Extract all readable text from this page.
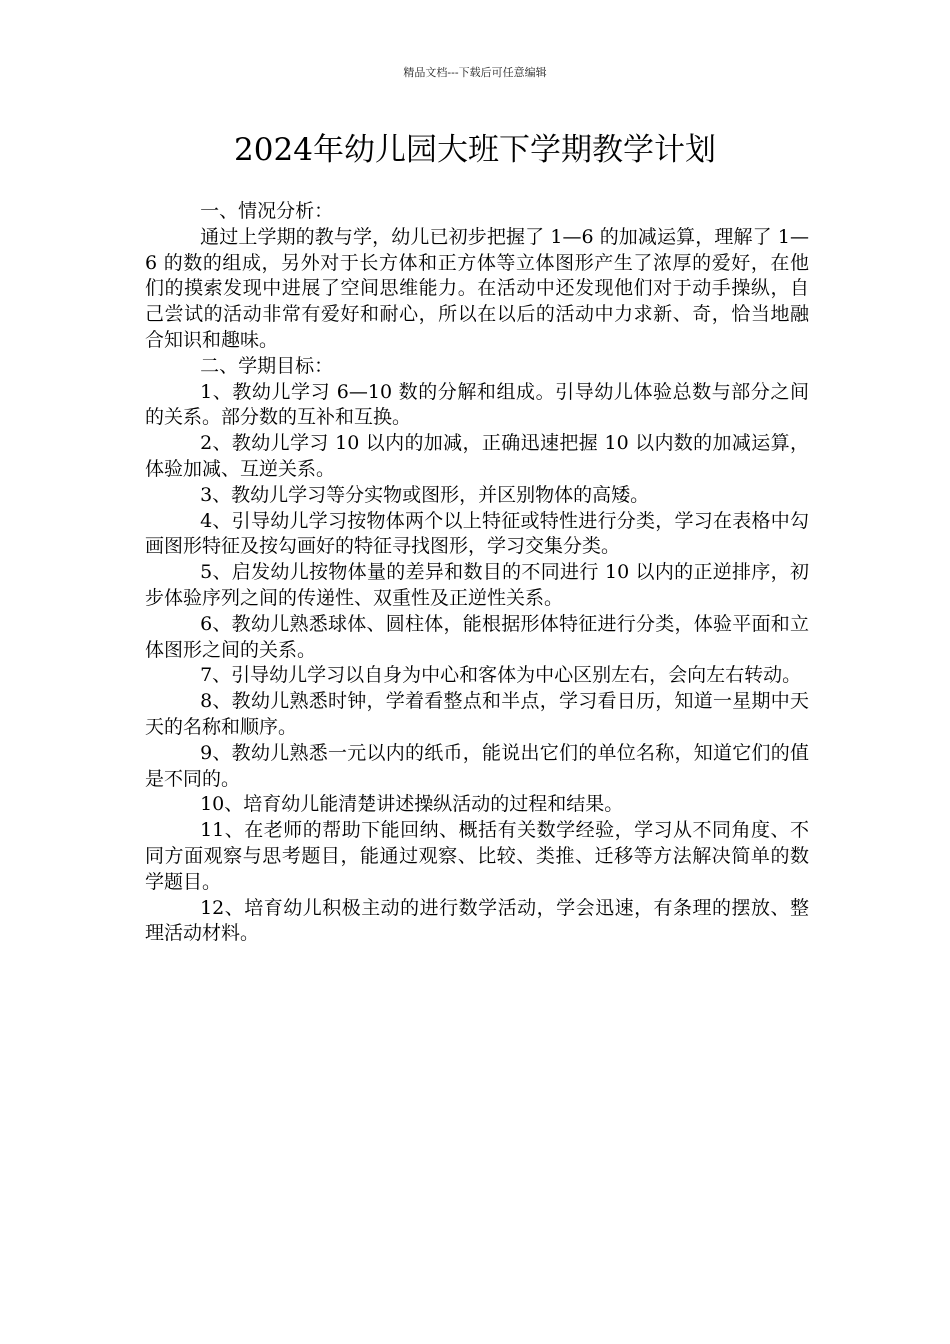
精品文档---下载后可任意编辑
2024年幼儿园大班下学期教学计划

一、情况分析：

通过上学期的教与学，幼儿已初步把握了 1—6 的加减运算，理解了 1—6 的数的组成，另外对于长方体和正方体等立体图形产生了浓厚的爱好，在他们的摸索发现中进展了空间思维能力。在活动中还发现他们对于动手操纵，自己尝试的活动非常有爱好和耐心，所以在以后的活动中力求新、奇，恰当地融合知识和趣味。

二、学期目标：

1、教幼儿学习 6—10 数的分解和组成。引导幼儿体验总数与部分之间的关系。部分数的互补和互换。

2、教幼儿学习 10 以内的加减，正确迅速把握 10 以内数的加减运算，体验加减、互逆关系。

3、教幼儿学习等分实物或图形，并区别物体的高矮。

4、引导幼儿学习按物体两个以上特征或特性进行分类，学习在表格中勾画图形特征及按勾画好的特征寻找图形，学习交集分类。

5、启发幼儿按物体量的差异和数目的不同进行 10 以内的正逆排序，初步体验序列之间的传递性、双重性及正逆性关系。

6、教幼儿熟悉球体、圆柱体，能根据形体特征进行分类，体验平面和立体图形之间的关系。

7、引导幼儿学习以自身为中心和客体为中心区别左右，会向左右转动。

8、教幼儿熟悉时钟，学着看整点和半点，学习看日历，知道一星期中天天的名称和顺序。

9、教幼儿熟悉一元以内的纸币，能说出它们的单位名称，知道它们的值是不同的。

10、培育幼儿能清楚讲述操纵活动的过程和结果。

11、在老师的帮助下能回纳、概括有关数学经验，学习从不同角度、不同方面观察与思考题目，能通过观察、比较、类推、迁移等方法解决简单的数学题目。

12、培育幼儿积极主动的进行数学活动，学会迅速，有条理的摆放、整理活动材料。
